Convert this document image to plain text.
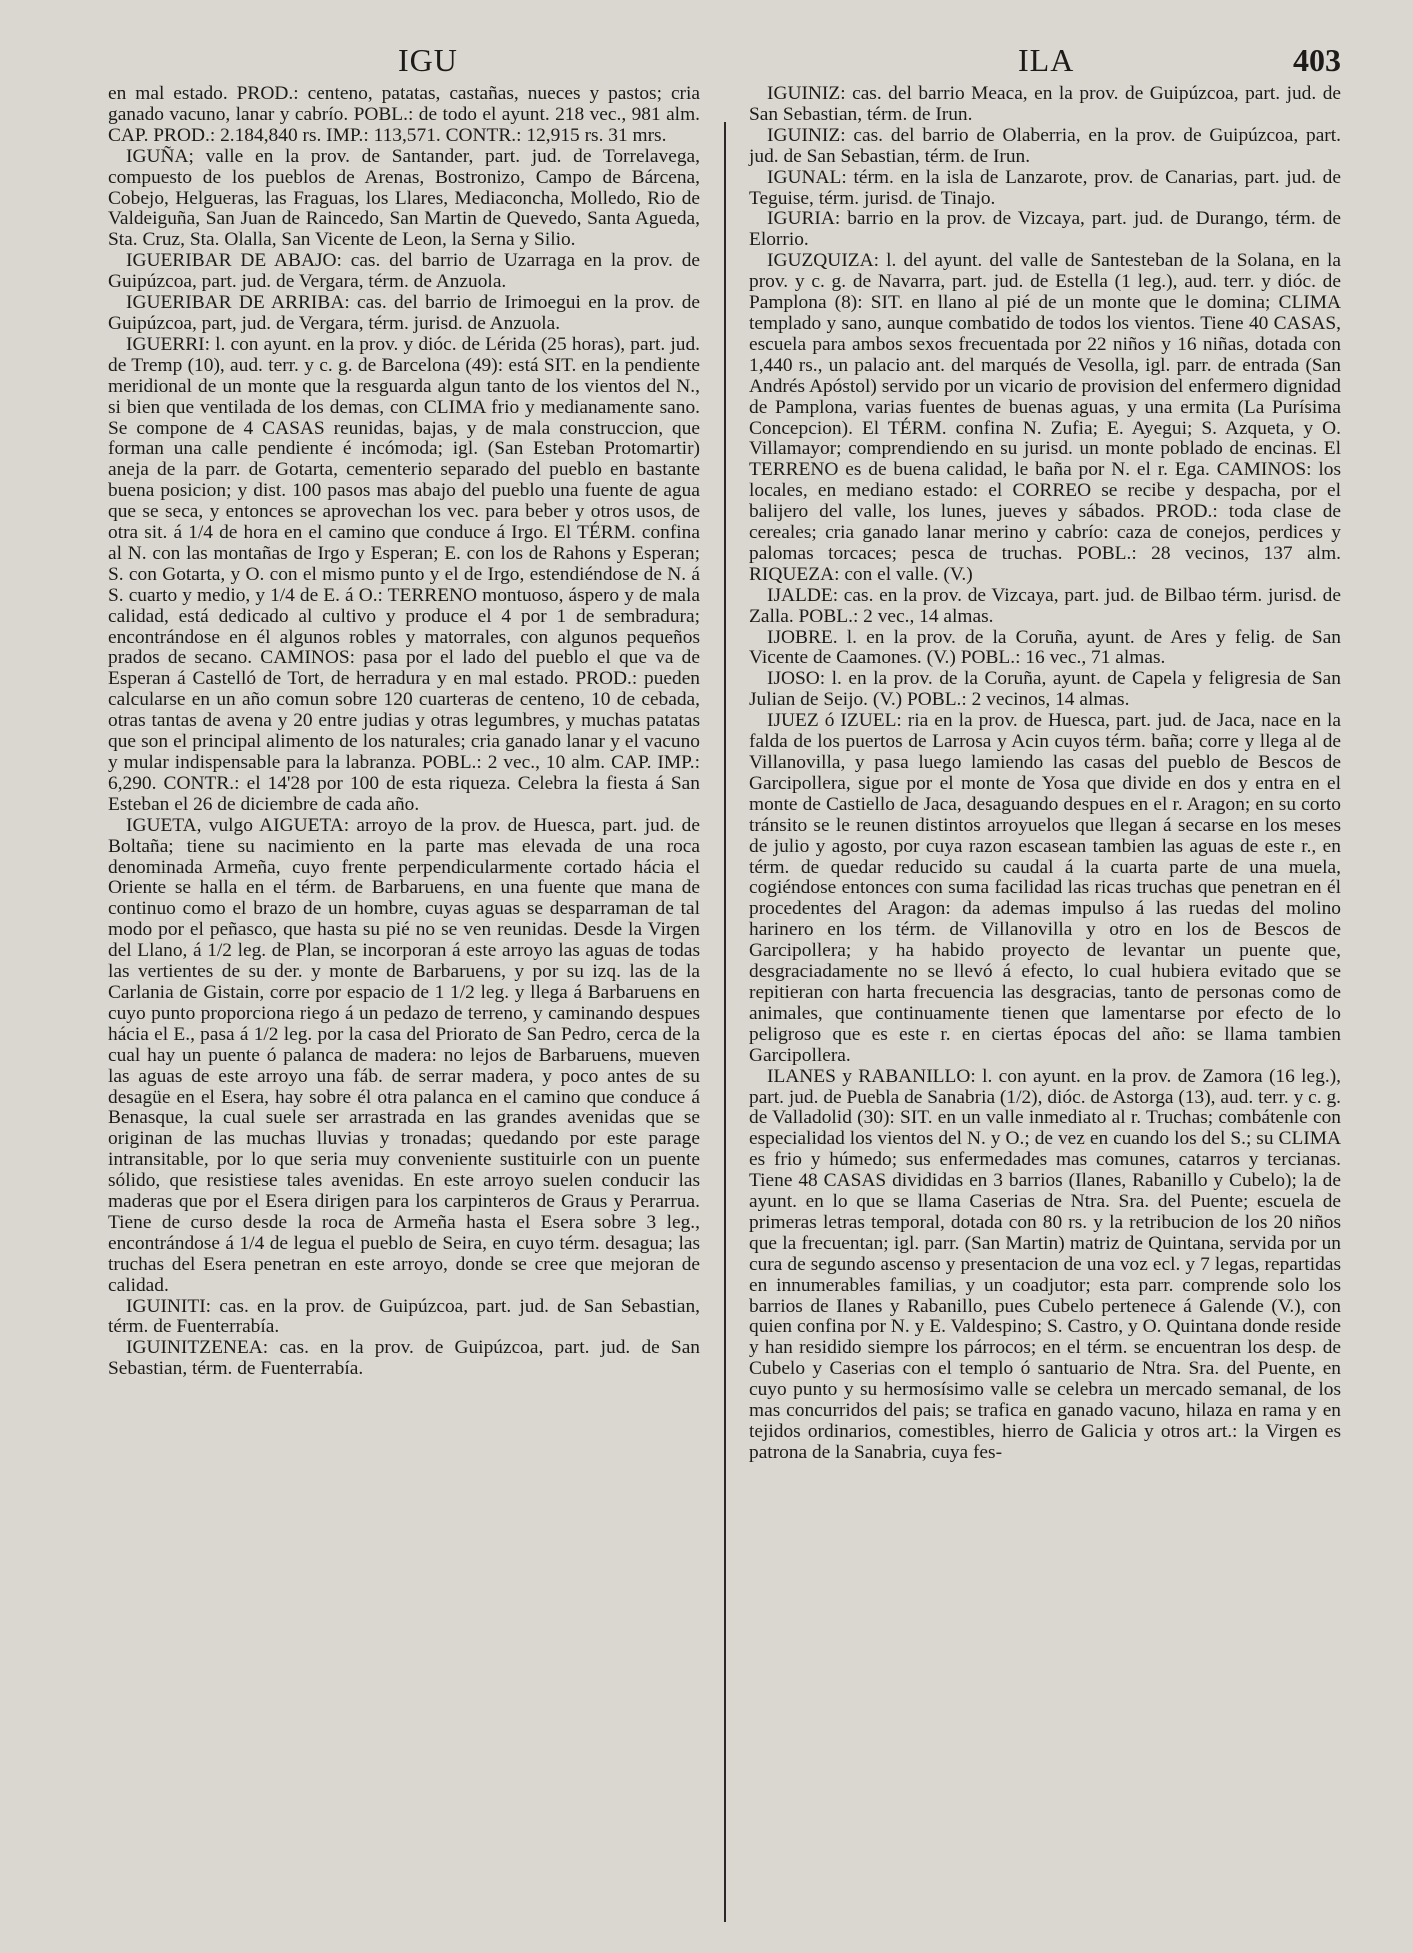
IGU	ILA	403

en mal estado. PROD.: centeno, patatas, castañas, nueces y pastos; cria ganado vacuno, lanar y cabrío. POBL.: de todo el ayunt. 218 vec., 981 alm. CAP. PROD.: 2.184,840 rs. IMP.: 113,571. CONTR.: 12,915 rs. 31 mrs.

IGUÑA; valle en la prov. de Santander, part. jud. de Torrelavega, compuesto de los pueblos de Arenas, Bostronizo, Campo de Bárcena, Cobejo, Helgueras, las Fraguas, los Llares, Mediaconcha, Molledo, Rio de Valdeiguña, San Juan de Raincedo, San Martin de Quevedo, Santa Agueda, Sta. Cruz, Sta. Olalla, San Vicente de Leon, la Serna y Silio.

IGUERIBAR DE ABAJO: cas. del barrio de Uzarraga en la prov. de Guipúzcoa, part. jud. de Vergara, térm. de Anzuola.

IGUERIBAR DE ARRIBA: cas. del barrio de Irimoegui en la prov. de Guipúzcoa, part, jud. de Vergara, térm. jurisd. de Anzuola.

IGUERRI: l. con ayunt. en la prov. y dióc. de Lérida (25 horas), part. jud. de Tremp (10), aud. terr. y c. g. de Barcelona (49): está SIT. en la pendiente meridional de un monte que la resguarda algun tanto de los vientos del N., si bien que ventilada de los demas, con CLIMA frio y medianamente sano. Se compone de 4 CASAS reunidas, bajas, y de mala construccion, que forman una calle pendiente é incómoda; igl. (San Esteban Protomartir) aneja de la parr. de Gotarta, cementerio separado del pueblo en bastante buena posicion; y dist. 100 pasos mas abajo del pueblo una fuente de agua que se seca, y entonces se aprovechan los vec. para beber y otros usos, de otra sit. á 1/4 de hora en el camino que conduce á Irgo. El TÉRM. confina al N. con las montañas de Irgo y Esperan; E. con los de Rahons y Esperan; S. con Gotarta, y O. con el mismo punto y el de Irgo, estendiéndose de N. á S. cuarto y medio, y 1/4 de E. á O.: TERRENO montuoso, áspero y de mala calidad, está dedicado al cultivo y produce el 4 por 1 de sembradura; encontrándose en él algunos robles y matorrales, con algunos pequeños prados de secano. CAMINOS: pasa por el lado del pueblo el que va de Esperan á Castelló de Tort, de herradura y en mal estado. PROD.: pueden calcularse en un año comun sobre 120 cuarteras de centeno, 10 de cebada, otras tantas de avena y 20 entre judias y otras legumbres, y muchas patatas que son el principal alimento de los naturales; cria ganado lanar y el vacuno y mular indispensable para la labranza. POBL.: 2 vec., 10 alm. CAP. IMP.: 6,290. CONTR.: el 14'28 por 100 de esta riqueza. Celebra la fiesta á San Esteban el 26 de diciembre de cada año.

IGUETA, vulgo AIGUETA: arroyo de la prov. de Huesca, part. jud. de Boltaña; tiene su nacimiento en la parte mas elevada de una roca denominada Armeña, cuyo frente perpendicularmente cortado hácia el Oriente se halla en el térm. de Barbaruens, en una fuente que mana de continuo como el brazo de un hombre, cuyas aguas se desparraman de tal modo por el peñasco, que hasta su pié no se ven reunidas. Desde la Virgen del Llano, á 1/2 leg. de Plan, se incorporan á este arroyo las aguas de todas las vertientes de su der. y monte de Barbaruens, y por su izq. las de la Carlania de Gistain, corre por espacio de 1 1/2 leg. y llega á Barbaruens en cuyo punto proporciona riego á un pedazo de terreno, y caminando despues hácia el E., pasa á 1/2 leg. por la casa del Priorato de San Pedro, cerca de la cual hay un puente ó palanca de madera: no lejos de Barbaruens, mueven las aguas de este arroyo una fáb. de serrar madera, y poco antes de su desagüe en el Esera, hay sobre él otra palanca en el camino que conduce á Benasque, la cual suele ser arrastrada en las grandes avenidas que se originan de las muchas lluvias y tronadas; quedando por este parage intransitable, por lo que seria muy conveniente sustituirle con un puente sólido, que resistiese tales avenidas. En este arroyo suelen conducir las maderas que por el Esera dirigen para los carpinteros de Graus y Perarrua. Tiene de curso desde la roca de Armeña hasta el Esera sobre 3 leg., encontrándose á 1/4 de legua el pueblo de Seira, en cuyo térm. desagua; las truchas del Esera penetran en este arroyo, donde se cree que mejoran de calidad.

IGUINITI: cas. en la prov. de Guipúzcoa, part. jud. de San Sebastian, térm. de Fuenterrabía.

IGUINITZENEA: cas. en la prov. de Guipúzcoa, part. jud. de San Sebastian, térm. de Fuenterrabía.

IGUINIZ: cas. del barrio Meaca, en la prov. de Guipúzcoa, part. jud. de San Sebastian, térm. de Irun.

IGUINIZ: cas. del barrio de Olaberria, en la prov. de Guipúzcoa, part. jud. de San Sebastian, térm. de Irun.

IGUNAL: térm. en la isla de Lanzarote, prov. de Canarias, part. jud. de Teguise, térm. jurisd. de Tinajo.

IGURIA: barrio en la prov. de Vizcaya, part. jud. de Durango, térm. de Elorrio.

IGUZQUIZA: l. del ayunt. del valle de Santesteban de la Solana, en la prov. y c. g. de Navarra, part. jud. de Estella (1 leg.), aud. terr. y dióc. de Pamplona (8): SIT. en llano al pié de un monte que le domina; CLIMA templado y sano, aunque combatido de todos los vientos. Tiene 40 CASAS, escuela para ambos sexos frecuentada por 22 niños y 16 niñas, dotada con 1,440 rs., un palacio ant. del marqués de Vesolla, igl. parr. de entrada (San Andrés Apóstol) servido por un vicario de provision del enfermero dignidad de Pamplona, varias fuentes de buenas aguas, y una ermita (La Purísima Concepcion). El TÉRM. confina N. Zufia; E. Ayegui; S. Azqueta, y O. Villamayor; comprendiendo en su jurisd. un monte poblado de encinas. El TERRENO es de buena calidad, le baña por N. el r. Ega. CAMINOS: los locales, en mediano estado: el CORREO se recibe y despacha, por el balijero del valle, los lunes, jueves y sábados. PROD.: toda clase de cereales; cria ganado lanar merino y cabrío: caza de conejos, perdices y palomas torcaces; pesca de truchas. POBL.: 28 vecinos, 137 alm. RIQUEZA: con el valle. (V.)

IJALDE: cas. en la prov. de Vizcaya, part. jud. de Bilbao térm. jurisd. de Zalla. POBL.: 2 vec., 14 almas.

IJOBRE. l. en la prov. de la Coruña, ayunt. de Ares y felig. de San Vicente de Caamones. (V.) POBL.: 16 vec., 71 almas.

IJOSO: l. en la prov. de la Coruña, ayunt. de Capela y feligresia de San Julian de Seijo. (V.) POBL.: 2 vecinos, 14 almas.

IJUEZ ó IZUEL: ria en la prov. de Huesca, part. jud. de Jaca, nace en la falda de los puertos de Larrosa y Acin cuyos térm. baña; corre y llega al de Villanovilla, y pasa luego lamiendo las casas del pueblo de Bescos de Garcipollera, sigue por el monte de Yosa que divide en dos y entra en el monte de Castiello de Jaca, desaguando despues en el r. Aragon; en su corto tránsito se le reunen distintos arroyuelos que llegan á secarse en los meses de julio y agosto, por cuya razon escasean tambien las aguas de este r., en térm. de quedar reducido su caudal á la cuarta parte de una muela, cogiéndose entonces con suma facilidad las ricas truchas que penetran en él procedentes del Aragon: da ademas impulso á las ruedas del molino harinero en los térm. de Villanovilla y otro en los de Bescos de Garcipollera; y ha habido proyecto de levantar un puente que, desgraciadamente no se llevó á efecto, lo cual hubiera evitado que se repitieran con harta frecuencia las desgracias, tanto de personas como de animales, que continuamente tienen que lamentarse por efecto de lo peligroso que es este r. en ciertas épocas del año: se llama tambien Garcipollera.

ILANES y RABANILLO: l. con ayunt. en la prov. de Zamora (16 leg.), part. jud. de Puebla de Sanabria (1/2), dióc. de Astorga (13), aud. terr. y c. g. de Valladolid (30): SIT. en un valle inmediato al r. Truchas; combátenle con especialidad los vientos del N. y O.; de vez en cuando los del S.; su CLIMA es frio y húmedo; sus enfermedades mas comunes, catarros y tercianas. Tiene 48 CASAS divididas en 3 barrios (Ilanes, Rabanillo y Cubelo); la de ayunt. en lo que se llama Caserias de Ntra. Sra. del Puente; escuela de primeras letras temporal, dotada con 80 rs. y la retribucion de los 20 niños que la frecuentan; igl. parr. (San Martin) matriz de Quintana, servida por un cura de segundo ascenso y presentacion de una voz ecl. y 7 legas, repartidas en innumerables familias, y un coadjutor; esta parr. comprende solo los barrios de Ilanes y Rabanillo, pues Cubelo pertenece á Galende (V.), con quien confina por N. y E. Valdespino; S. Castro, y O. Quintana donde reside y han residido siempre los párrocos; en el térm. se encuentran los desp. de Cubelo y Caserias con el templo ó santuario de Ntra. Sra. del Puente, en cuyo punto y su hermosísimo valle se celebra un mercado semanal, de los mas concurridos del pais; se trafica en ganado vacuno, hilaza en rama y en tejidos ordinarios, comestibles, hierro de Galicia y otros art.: la Virgen es patrona de la Sanabria, cuya fes-
